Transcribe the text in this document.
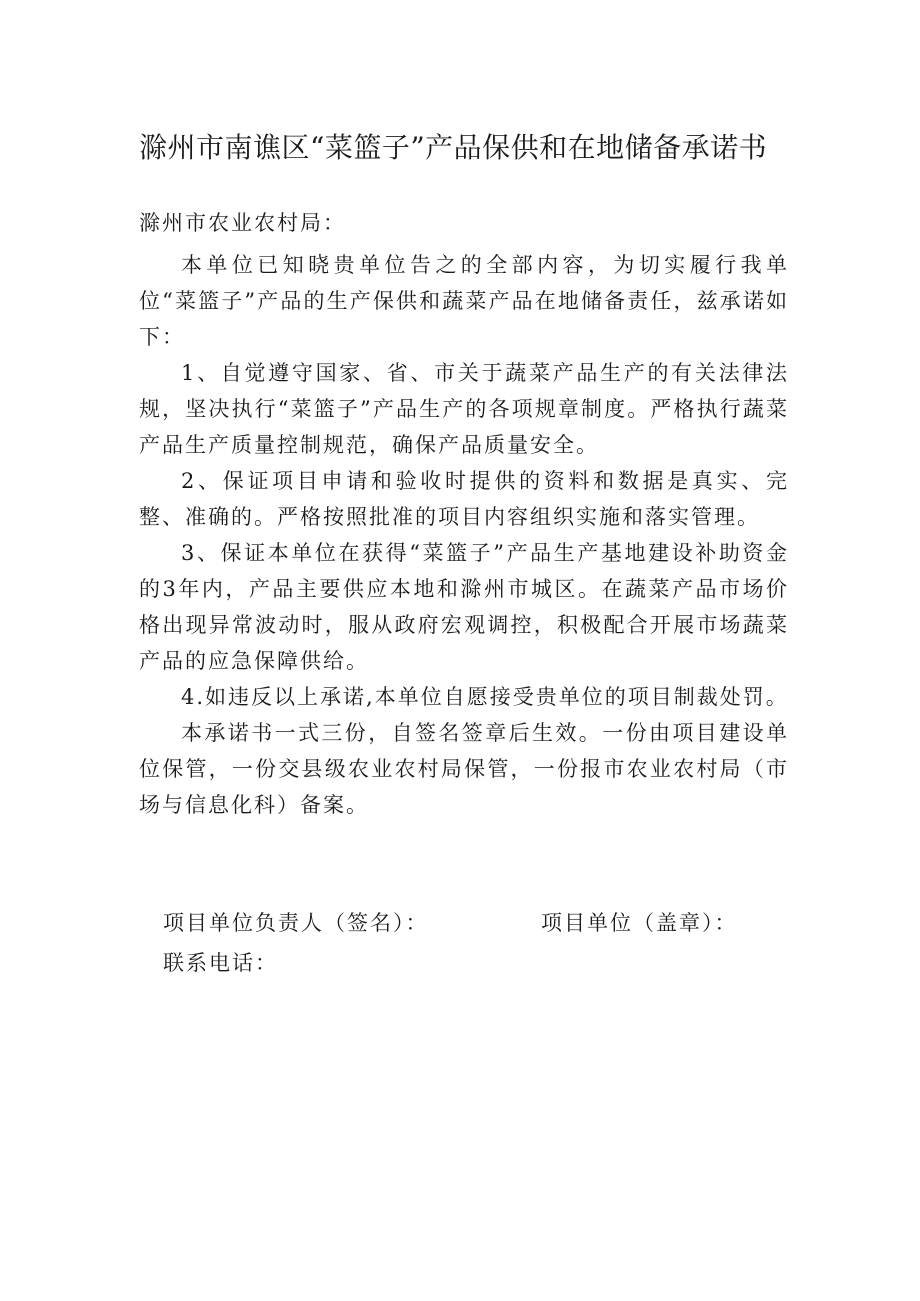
滁州市南谯区“菜篮子”产品保供和在地储备承诺书
滁州市农业农村局：

本单位已知晓贵单位告之的全部内容，为切实履行我单位“菜篮子”产品的生产保供和蔬菜产品在地储备责任，兹承诺如下：

1、自觉遵守国家、省、市关于蔬菜产品生产的有关法律法规，坚决执行“菜篮子”产品生产的各项规章制度。严格执行蔬菜产品生产质量控制规范，确保产品质量安全。

2、保证项目申请和验收时提供的资料和数据是真实、完整、准确的。严格按照批准的项目内容组织实施和落实管理。

3、保证本单位在获得“菜篮子”产品生产基地建设补助资金的3年内，产品主要供应本地和滁州市城区。在蔬菜产品市场价格出现异常波动时，服从政府宏观调控，积极配合开展市场蔬菜产品的应急保障供给。

4.如违反以上承诺,本单位自愿接受贵单位的项目制裁处罚。

本承诺书一式三份，自签名签章后生效。一份由项目建设单位保管，一份交县级农业农村局保管，一份报市农业农村局（市场与信息化科）备案。

项目单位负责人（签名）：	项目单位（盖章）：
联系电话：
